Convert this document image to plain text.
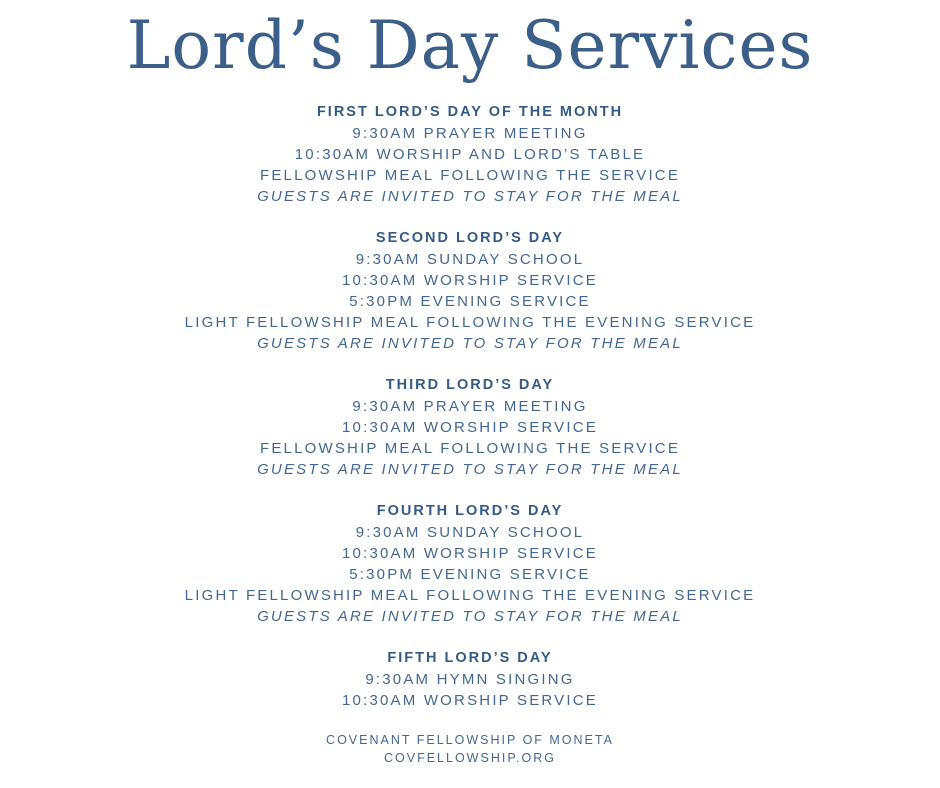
Lord’s Day Services
FIRST LORD’S DAY OF THE MONTH
9:30AM PRAYER MEETING
10:30AM WORSHIP AND LORD’S TABLE
FELLOWSHIP MEAL FOLLOWING THE SERVICE
GUESTS ARE INVITED TO STAY FOR THE MEAL
SECOND LORD’S DAY
9:30AM SUNDAY SCHOOL
10:30AM WORSHIP SERVICE
5:30PM EVENING SERVICE
LIGHT FELLOWSHIP MEAL FOLLOWING THE EVENING SERVICE
GUESTS ARE INVITED TO STAY FOR THE MEAL
THIRD LORD’S DAY
9:30AM PRAYER MEETING
10:30AM WORSHIP SERVICE
FELLOWSHIP MEAL FOLLOWING THE SERVICE
GUESTS ARE INVITED TO STAY FOR THE MEAL
FOURTH LORD’S DAY
9:30AM SUNDAY SCHOOL
10:30AM WORSHIP SERVICE
5:30PM EVENING SERVICE
LIGHT FELLOWSHIP MEAL FOLLOWING THE EVENING SERVICE
GUESTS ARE INVITED TO STAY FOR THE MEAL
FIFTH LORD’S DAY
9:30AM HYMN SINGING
10:30AM WORSHIP SERVICE
COVENANT FELLOWSHIP OF MONETA
COVFELLOWSHIP.ORG
